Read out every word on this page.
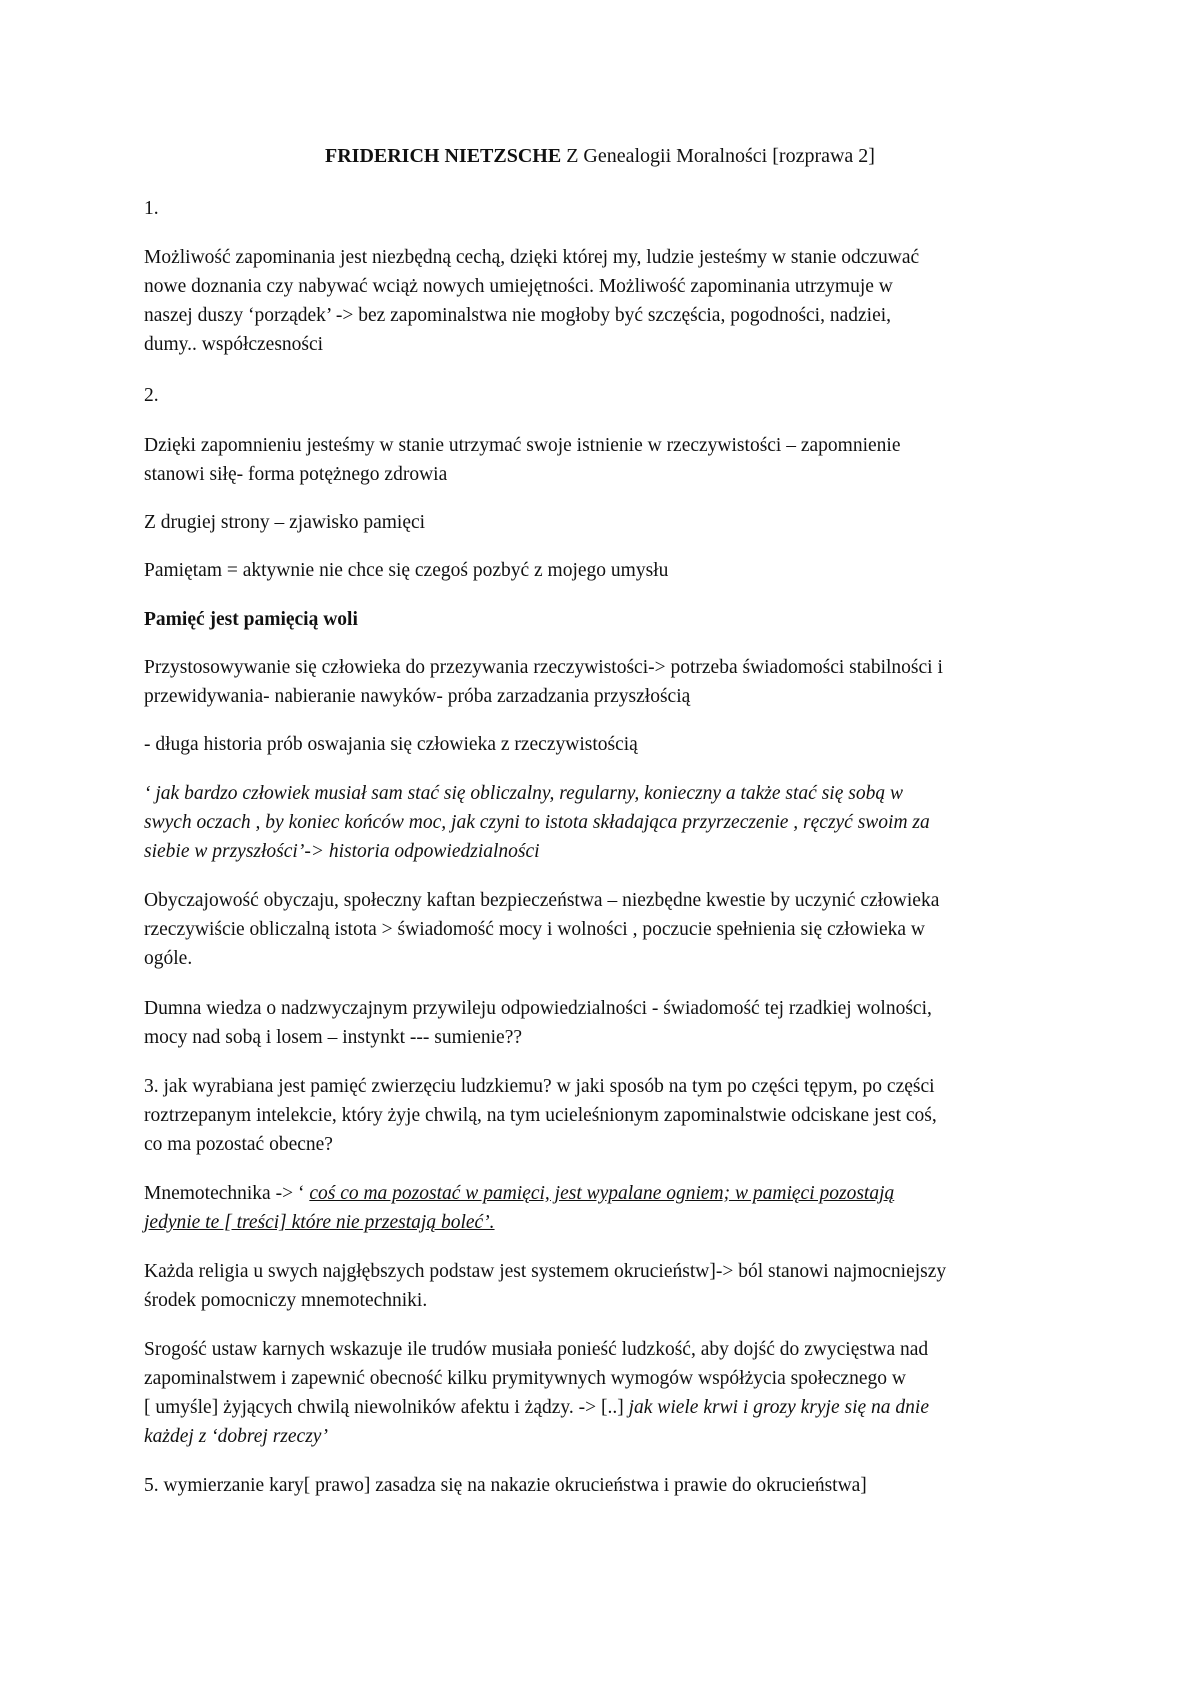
FRIDERICH NIETZSCHE Z Genealogii Moralności [rozprawa 2]
1.
Możliwość zapominania jest niezbędną cechą, dzięki której my, ludzie jesteśmy w stanie odczuwać
nowe doznania czy nabywać wciąż nowych umiejętności. Możliwość zapominania utrzymuje w
naszej duszy ‘porządek’ -> bez zapominalstwa nie mogłoby być szczęścia, pogodności, nadziei,
dumy.. współczesności
2.
Dzięki zapomnieniu jesteśmy w stanie utrzymać swoje istnienie w rzeczywistości – zapomnienie
stanowi siłę- forma potężnego zdrowia
Z drugiej strony – zjawisko pamięci
Pamiętam = aktywnie nie chce się czegoś pozbyć z mojego umysłu
Pamięć jest pamięcią woli
Przystosowywanie się człowieka do przezywania rzeczywistości-> potrzeba świadomości stabilności i
przewidywania- nabieranie nawyków- próba zarzadzania przyszłością
- długa historia prób oswajania się człowieka z rzeczywistością
‘ jak bardzo człowiek musiał sam stać się obliczalny, regularny, konieczny a także stać się sobą w
swych oczach , by koniec końców moc, jak czyni to istota składająca przyrzeczenie , ręczyć swoim za
siebie w przyszłości’-> historia odpowiedzialności
Obyczajowość obyczaju, społeczny kaftan bezpieczeństwa – niezbędne kwestie by uczynić człowieka
rzeczywiście obliczalną istota > świadomość mocy i wolności , poczucie spełnienia się człowieka w
ogóle.
Dumna wiedza o nadzwyczajnym przywileju odpowiedzialności - świadomość tej rzadkiej wolności,
mocy nad sobą i losem – instynkt --- sumienie??
3. jak wyrabiana jest pamięć zwierzęciu ludzkiemu? w jaki sposób na tym po części tępym, po części
roztrzepanym intelekcie, który żyje chwilą, na tym ucieleśnionym zapominalstwie odciskane jest coś,
co ma pozostać obecne?
Mnemotechnika -> ‘ coś co ma pozostać w pamięci, jest wypalane ogniem; w pamięci pozostają
jedynie te [ treści] które nie przestają boleć’.
Każda religia u swych najgłębszych podstaw jest systemem okrucieństw]-> ból stanowi najmocniejszy
środek pomocniczy mnemotechniki.
Srogość ustaw karnych wskazuje ile trudów musiała ponieść ludzkość, aby dojść do zwycięstwa nad
zapominalstwem i zapewnić obecność kilku prymitywnych wymogów współżycia społecznego w
[ umyśle] żyjących chwilą niewolników afektu i żądzy. -> [..] jak wiele krwi i grozy kryje się na dnie
każdej z ‘dobrej rzeczy’
5. wymierzanie kary[ prawo] zasadza się na nakazie okrucieństwa i prawie do okrucieństwa]
